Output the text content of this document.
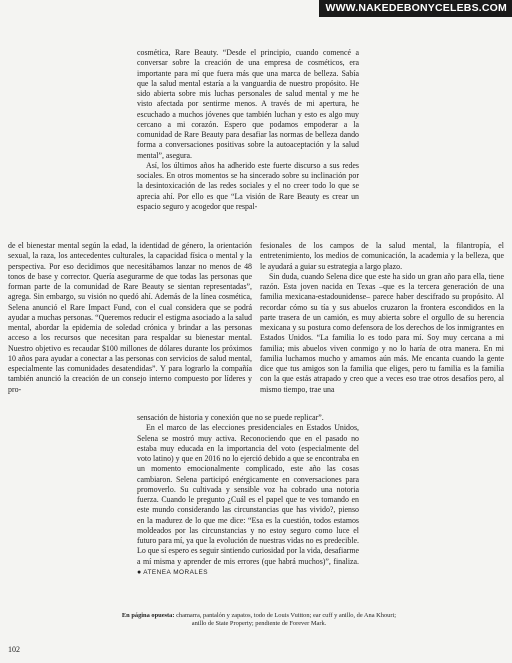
WWW.NAKEDEBONYCELEBS.COM

cosmética, Rare Beauty. “Desde el principio, cuando comencé a conversar sobre la creación de una empresa de cosméticos, era importante para mí que fuera más que una marca de belleza. Sabía que la salud mental estaría a la vanguardia de nuestro propósito. He sido abierta sobre mis luchas personales de salud mental y me he visto afectada por sentirme menos. A través de mi apertura, he escuchado a muchos jóvenes que también luchan y esto es algo muy cercano a mi corazón. Espero que podamos empoderar a la comunidad de Rare Beauty para desafiar las normas de belleza dando forma a conversaciones positivas sobre la autoaceptación y la salud mental”, asegura.

Así, los últimos años ha adherido este fuerte discurso a sus redes sociales. En otros momentos se ha sincerado sobre su inclinación por la desintoxicación de las redes sociales y el no creer todo lo que se aprecia ahí. Por ello es que “La visión de Rare Beauty es crear un espacio seguro y acogedor que respal-

de el bienestar mental según la edad, la identidad de género, la orientación sexual, la raza, los antecedentes culturales, la capacidad física o mental y la perspectiva. Por eso decidimos que necesitábamos lanzar no menos de 48 tonos de base y corrector. Quería asegurarme de que todas las personas que forman parte de la comunidad de Rare Beauty se sientan representadas”, agrega. Sin embargo, su visión no quedó ahí. Además de la línea cosmética, Selena anunció el Rare Impact Fund, con el cual considera que se podrá ayudar a muchas personas. “Queremos reducir el estigma asociado a la salud mental, abordar la epidemia de soledad crónica y brindar a las personas acceso a los recursos que necesitan para respaldar su bienestar mental. Nuestro objetivo es recaudar $100 millones de dólares durante los próximos 10 años para ayudar a conectar a las personas con servicios de salud mental, especialmente las comunidades desatendidas”. Y para lograrlo la compañía también anunció la creación de un consejo interno compuesto por líderes y pro-

fesionales de los campos de la salud mental, la filantropía, el entretenimiento, los medios de comunicación, la academia y la belleza, que le ayudará a guiar su estrategia a largo plazo.

Sin duda, cuando Selena dice que este ha sido un gran año para ella, tiene razón. Esta joven nacida en Texas –que es la tercera generación de una familia mexicana-estadounidense– parece haber descifrado su propósito. Al recordar cómo su tía y sus abuelos cruzaron la frontera escondidos en la parte trasera de un camión, es muy abierta sobre el orgullo de su herencia mexicana y su postura como defensora de los derechos de los inmigrantes en Estados Unidos. “La familia lo es todo para mí. Soy muy cercana a mi familia; mis abuelos viven conmigo y no lo haría de otra manera. En mi familia luchamos mucho y amamos aún más. Me encanta cuando la gente dice que tus amigos son la familia que eliges, pero tu familia es la familia con la que estás atrapado y creo que a veces eso trae otros desafíos pero, al mismo tiempo, trae una

sensación de historia y conexión que no se puede replicar”.

En el marco de las elecciones presidenciales en Estados Unidos, Selena se mostró muy activa. Reconociendo que en el pasado no estaba muy educada en la importancia del voto (especialmente del voto latino) y que en 2016 no lo ejerció debido a que se encontraba en un momento emocionalmente complicado, este año las cosas cambiaron. Selena participó enérgicamente en conversaciones para promoverlo. Su cultivada y sensible voz ha cobrado una notoria fuerza. Cuando le pregunto ¿Cuál es el papel que te ves tomando en este mundo considerando las circunstancias que has vivido?, pienso en la madurez de lo que me dice: “Esa es la cuestión, todos estamos moldeados por las circunstancias y no estoy seguro como luce el futuro para mí, ya que la evolución de nuestras vidas no es predecible. Lo que sí espero es seguir sintiendo curiosidad por la vida, desafiarme a mí misma y aprender de mis errores (que habrá muchos)”, finaliza. ● ATENEA MORALES

En página opuesta: chamarra, pantalón y zapatos, todo de Louis Vuitton; ear cuff y anillo, de Ana Khouri; anillo de State Property; pendiente de Forever Mark.
102
